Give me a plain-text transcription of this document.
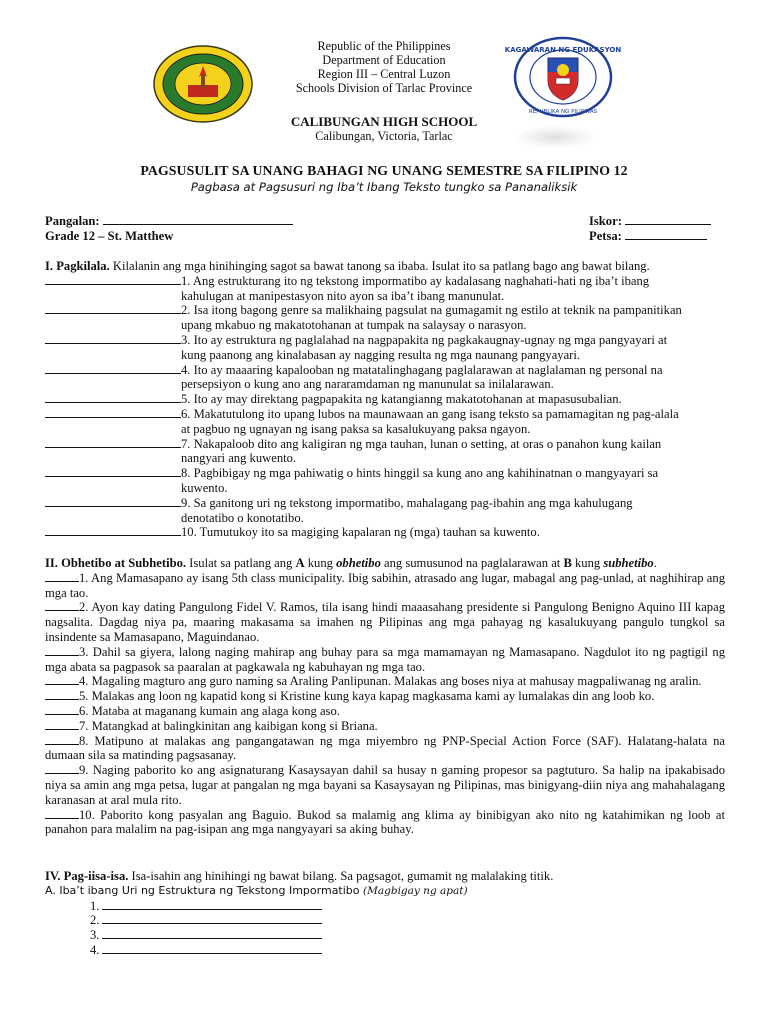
KAGAWARAN NG EDUKASYON
REPUBLIKA NG PILIPINAS
Republic of the Philippines
Department of Education
Region III – Central Luzon
Schools Division of Tarlac Province
CALIBUNGAN HIGH SCHOOL
Calibungan, Victoria, Tarlac
PAGSUSULIT SA UNANG BAHAGI NG UNANG SEMESTRE SA FILIPINO 12
Pagbasa at Pagsusuri ng Iba’t Ibang Teksto tungko sa Pananaliksik
Pangalan:
Grade 12 – St. Matthew
Iskor:
Petsa:
I. Pagkilala. Kilalanin ang mga hinihinging sagot sa bawat tanong sa ibaba. Isulat ito sa patlang bago ang bawat bilang.
1. Ang estrukturang ito ng tekstong impormatibo ay kadalasang naghahati-hati ng iba’t ibang
kahulugan at manipestasyon nito ayon sa iba’t ibang manunulat.
2. Isa itong bagong genre sa malikhaing pagsulat na gumagamit ng estilo at teknik na pampanitikan
upang mkabuo ng makatotohanan at tumpak na salaysay o narasyon.
3. Ito ay estruktura ng paglalahad na nagpapakita ng pagkakaugnay-ugnay ng mga pangyayari at
kung paanong ang kinalabasan ay nagging resulta ng mga naunang pangyayari.
4. Ito ay maaaring kapalooban ng matatalinghagang paglalarawan at naglalaman ng personal na
persepsiyon o kung ano ang nararamdaman ng manunulat sa inilalarawan.
5. Ito ay may direktang pagpapakita ng katangianng makatotohanan at mapasusubalian.
6. Makatutulong ito upang lubos na maunawaan an gang isang teksto sa pamamagitan ng pag-alala
at pagbuo ng ugnayan ng isang paksa sa kasalukuyang paksa ngayon.
7. Nakapaloob dito ang kaligiran ng mga tauhan, lunan o setting, at oras o panahon kung kailan
nangyari ang kuwento.
8. Pagbibigay ng mga pahiwatig o hints hinggil sa kung ano ang kahihinatnan o mangyayari sa
kuwento.
9. Sa ganitong uri ng tekstong impormatibo, mahalagang pag-ibahin ang mga kahulugang
denotatibo o konotatibo.
10. Tumutukoy ito sa magiging kapalaran ng (mga) tauhan sa kuwento.
II. Obhetibo at Subhetibo. Isulat sa patlang ang A kung obhetibo ang sumusunod na paglalarawan at B kung subhetibo.
1. Ang Mamasapano ay isang 5th class municipality. Ibig sabihin, atrasado ang lugar, mabagal ang pag-unlad, at naghihirap ang mga tao.
2. Ayon kay dating Pangulong Fidel V. Ramos, tila isang hindi maaasahang presidente si Pangulong Benigno Aquino III kapag nagsalita. Dagdag niya pa, maaring makasama sa imahen ng Pilipinas ang mga pahayag ng kasalukuyang pangulo tungkol sa insindente sa Mamasapano, Maguindanao.
3. Dahil sa giyera, lalong naging mahirap ang buhay para sa mga mamamayan ng Mamasapano. Nagdulot ito ng pagtigil ng mga abata sa pagpasok sa paaralan at pagkawala ng kabuhayan ng mga tao.
4. Magaling magturo ang guro naming sa Araling Panlipunan. Malakas ang boses niya at mahusay magpaliwanag ng aralin.
5. Malakas ang loon ng kapatid kong si Kristine kung kaya kapag magkasama kami ay lumalakas din ang loob ko.
6. Mataba at maganang kumain ang alaga kong aso.
7. Matangkad at balingkinitan ang kaibigan kong si Briana.
8. Matipuno at malakas ang pangangatawan ng mga miyembro ng PNP-Special Action Force (SAF). Halatang-halata na dumaan sila sa matinding pagsasanay.
9. Naging paborito ko ang asignaturang Kasaysayan dahil sa husay n gaming propesor sa pagtuturo. Sa halip na ipakabisado niya sa amin ang mga petsa, lugar at pangalan ng mga bayani sa Kasaysayan ng Pilipinas, mas binigyang-diin niya ang mahahalagang karanasan at aral mula rito.
10. Paborito kong pasyalan ang Baguio. Bukod sa malamig ang klima ay binibigyan ako nito ng katahimikan ng loob at panahon para malalim na pag-isipan ang mga nangyayari sa aking buhay.
IV. Pag-iisa-isa. Isa-isahin ang hinihingi ng bawat bilang. Sa pagsagot, gumamit ng malalaking titik.
A. Iba’t ibang Uri ng Estruktura ng Tekstong Impormatibo (Magbigay ng apat)
1.
2.
3.
4.
